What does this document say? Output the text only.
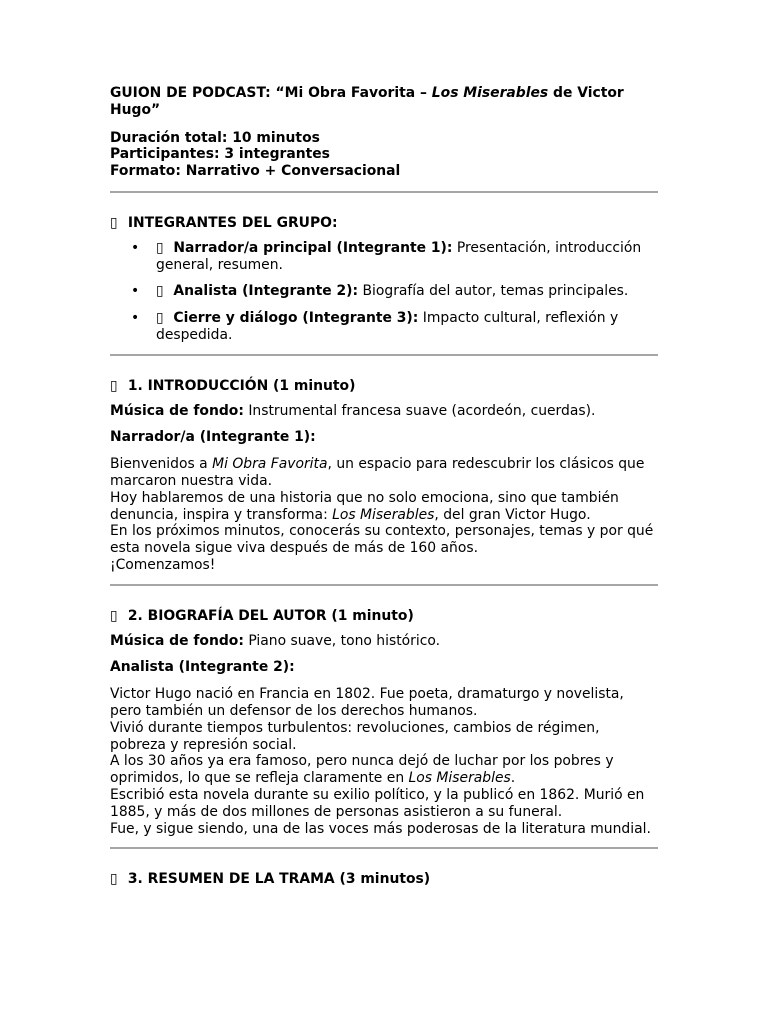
GUION DE PODCAST: “Mi Obra Favorita – Los Miserables de Victor Hugo”

Duración total: 10 minutos

Participantes: 3 integrantes

Formato: Narrativo + Conversacional

▯ INTEGRANTES DEL GRUPO:

• ▯ Narrador/a principal (Integrante 1): Presentación, introducción general, resumen.
• ▯ Analista (Integrante 2): Biografía del autor, temas principales.
• ▯ Cierre y diálogo (Integrante 3): Impacto cultural, reflexión y despedida.

▯ 1. INTRODUCCIÓN (1 minuto)

Música de fondo: Instrumental francesa suave (acordeón, cuerdas).

Narrador/a (Integrante 1):

Bienvenidos a Mi Obra Favorita, un espacio para redescubrir los clásicos que marcaron nuestra vida.

Hoy hablaremos de una historia que no solo emociona, sino que también denuncia, inspira y transforma: Los Miserables, del gran Victor Hugo.

En los próximos minutos, conocerás su contexto, personajes, temas y por qué esta novela sigue viva después de más de 160 años.

¡Comenzamos!

▯ 2. BIOGRAFÍA DEL AUTOR (1 minuto)

Música de fondo: Piano suave, tono histórico.

Analista (Integrante 2):

Victor Hugo nació en Francia en 1802. Fue poeta, dramaturgo y novelista, pero también un defensor de los derechos humanos.

Vivió durante tiempos turbulentos: revoluciones, cambios de régimen, pobreza y represión social.

A los 30 años ya era famoso, pero nunca dejó de luchar por los pobres y oprimidos, lo que se refleja claramente en Los Miserables.

Escribió esta novela durante su exilio político, y la publicó en 1862. Murió en 1885, y más de dos millones de personas asistieron a su funeral.

Fue, y sigue siendo, una de las voces más poderosas de la literatura mundial.

▯ 3. RESUMEN DE LA TRAMA (3 minutos)
